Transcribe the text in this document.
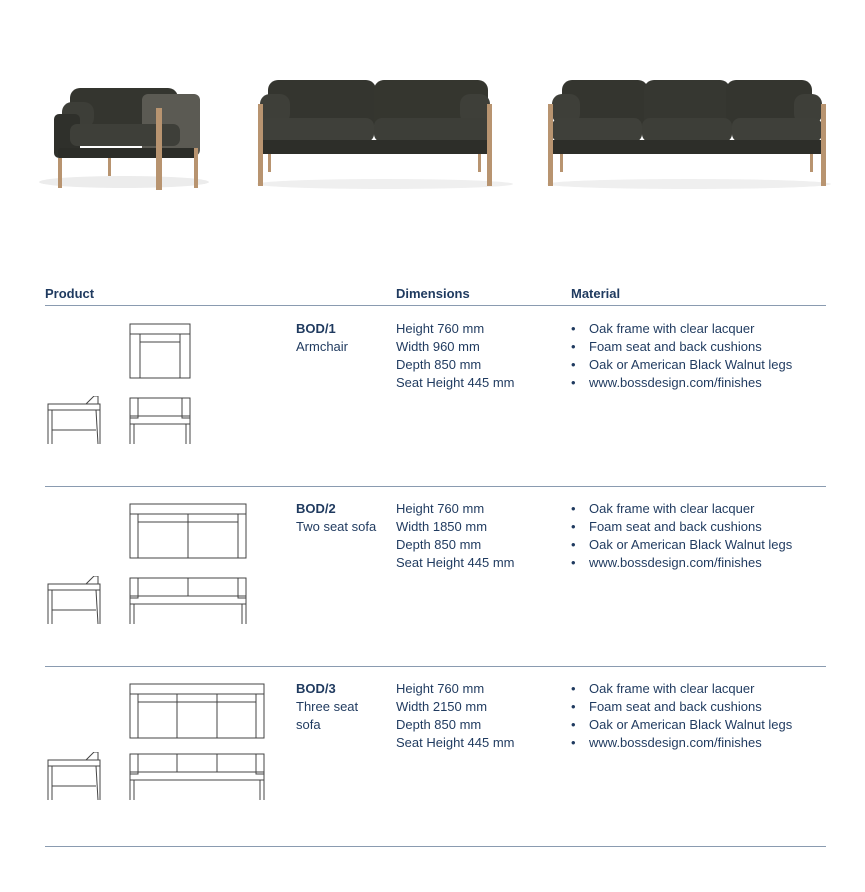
Product	Dimensions	Material
BOD/1
Armchair
Height 760 mm
Width 960 mm
Depth 850 mm
Seat Height 445 mm
• Oak frame with clear lacquer
• Foam seat and back cushions
• Oak or American Black Walnut legs
• www.bossdesign.com/finishes
BOD/2
Two seat sofa
Height 760 mm
Width 1850 mm
Depth 850 mm
Seat Height 445 mm
• Oak frame with clear lacquer
• Foam seat and back cushions
• Oak or American Black Walnut legs
• www.bossdesign.com/finishes
BOD/3
Three seat sofa
Height 760 mm
Width 2150 mm
Depth 850 mm
Seat Height 445 mm
• Oak frame with clear lacquer
• Foam seat and back cushions
• Oak or American Black Walnut legs
• www.bossdesign.com/finishes
